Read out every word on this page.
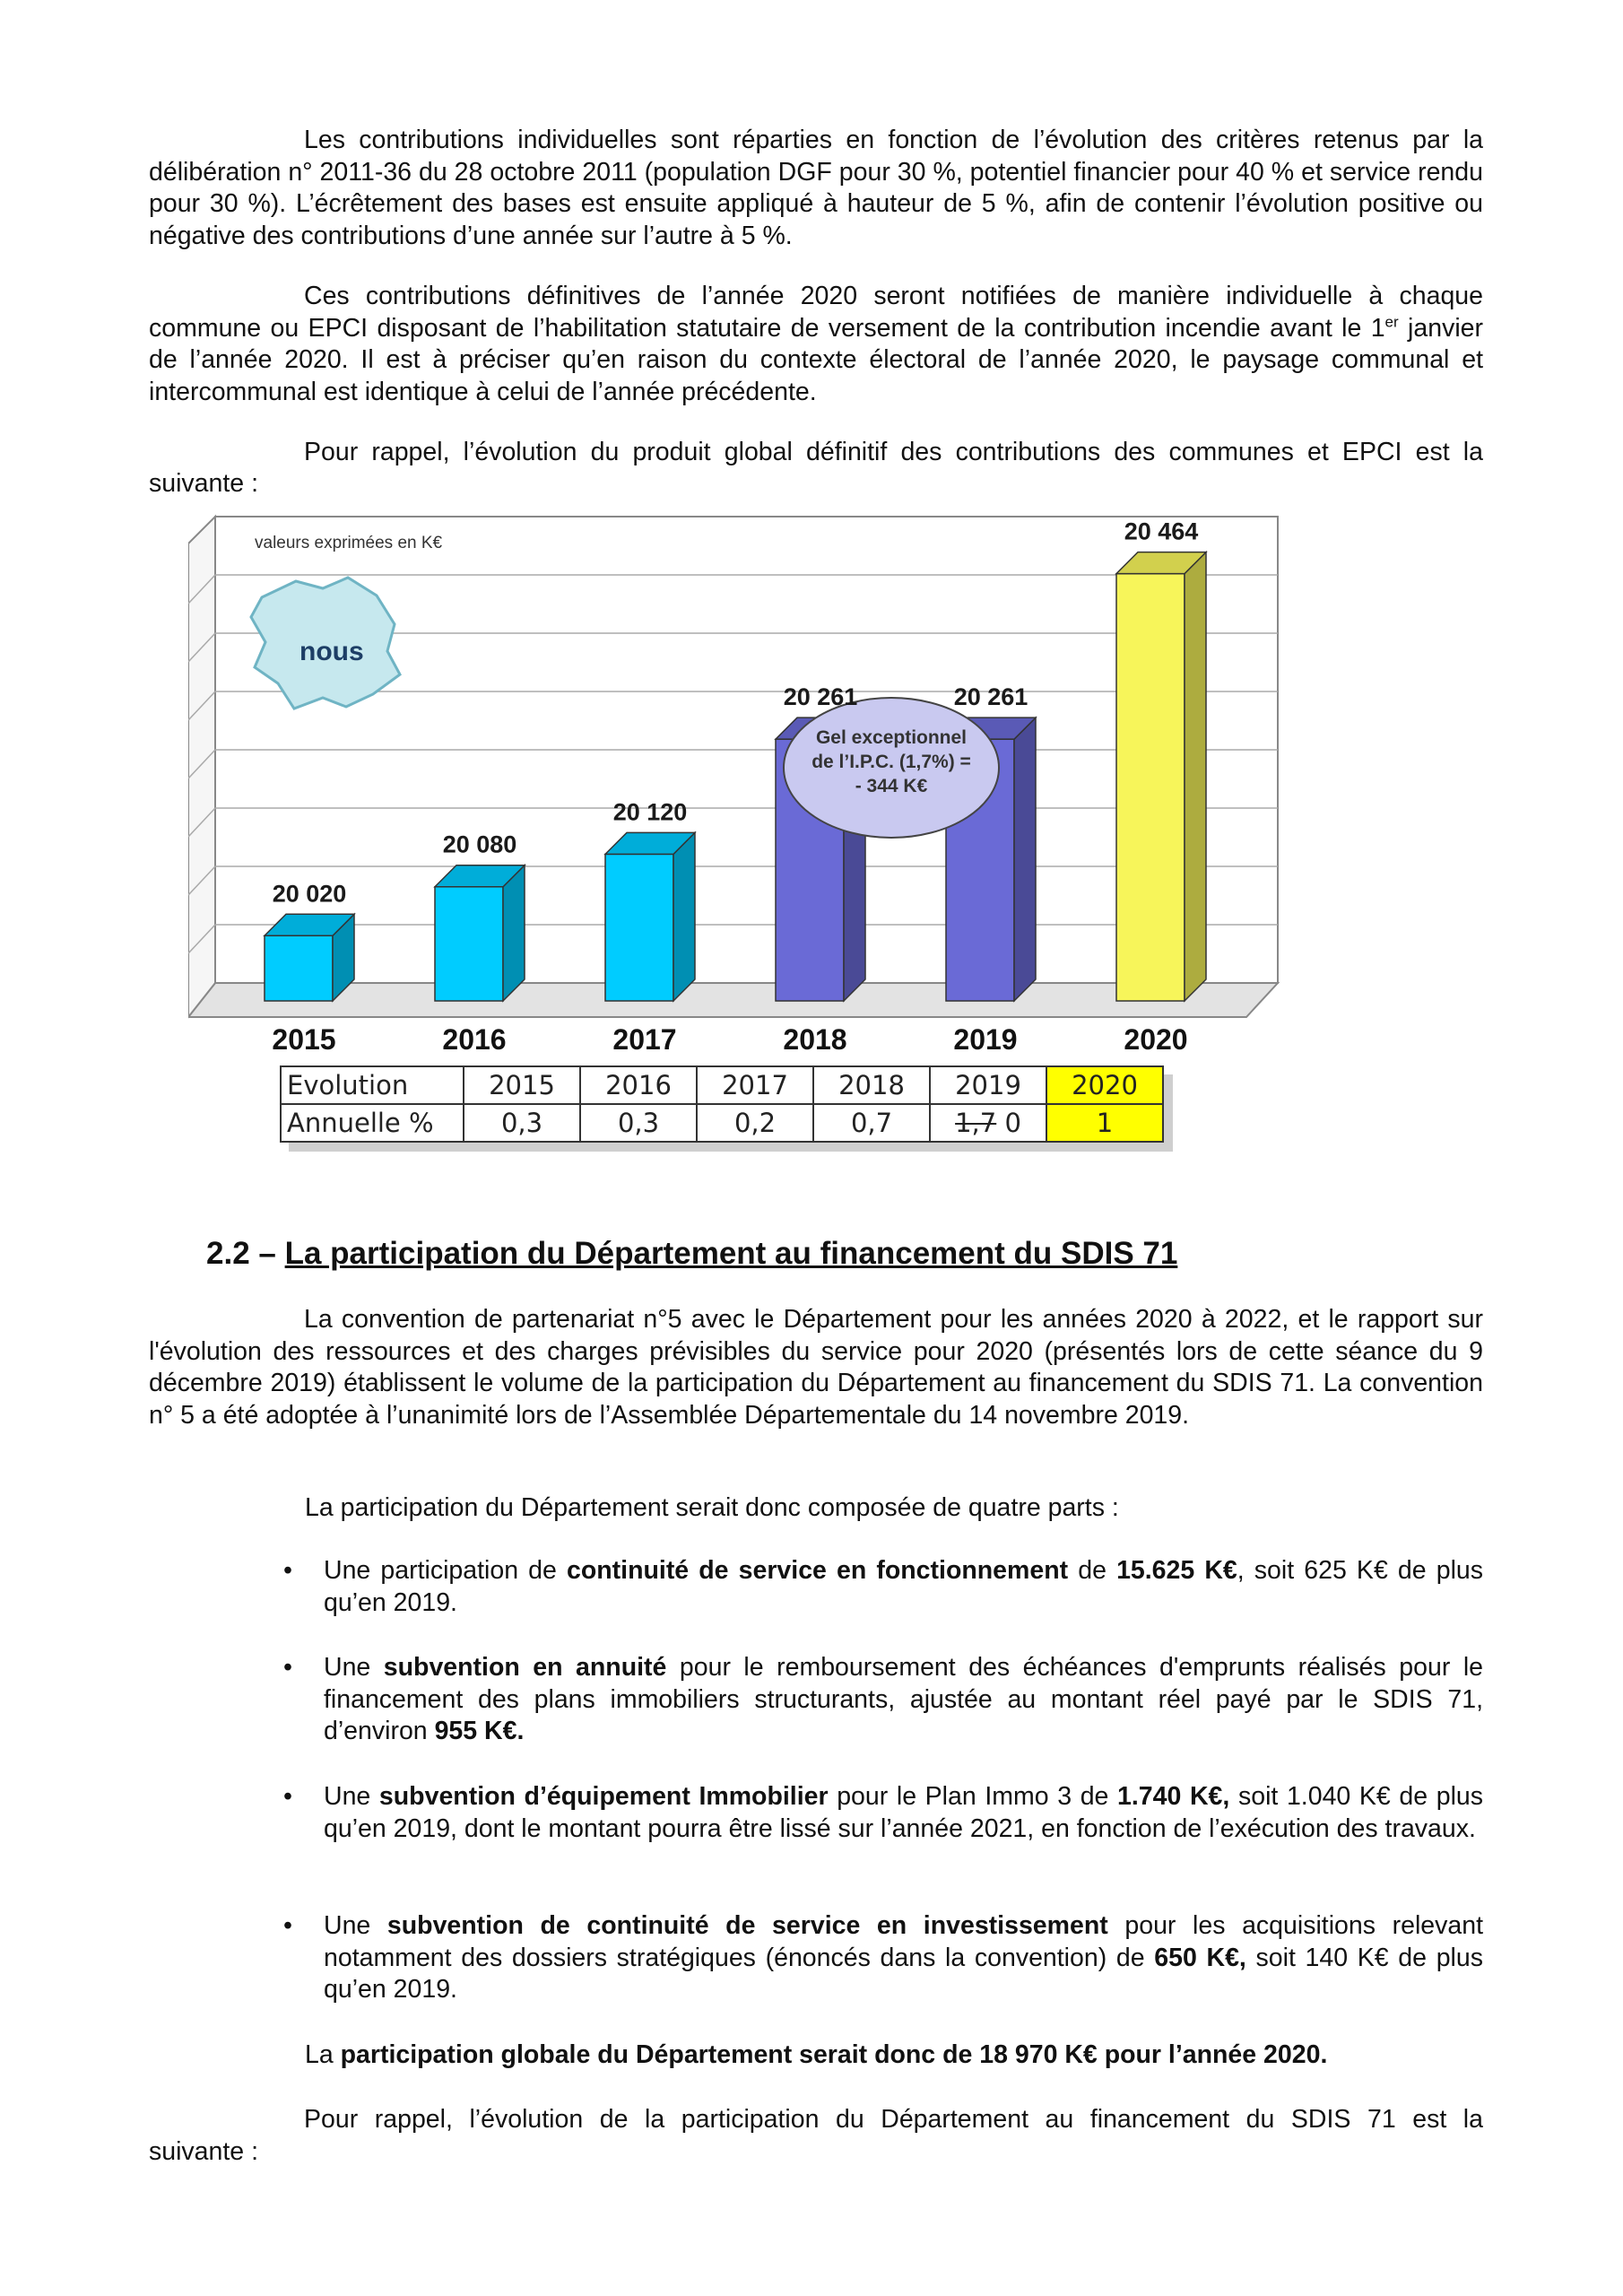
Les contributions individuelles sont réparties en fonction de l’évolution des critères retenus par la délibération n° 2011-36 du 28 octobre 2011 (population DGF pour 30 %, potentiel financier pour 40 % et service rendu pour 30 %). L’écrêtement des bases est ensuite appliqué à hauteur de 5 %, afin de contenir l’évolution positive ou négative des contributions d’une année sur l’autre à 5 %.

Ces contributions définitives de l’année 2020 seront notifiées de manière individuelle à chaque commune ou EPCI disposant de l’habilitation statutaire de versement de la contribution incendie avant le 1er janvier de l’année 2020. Il est à préciser qu’en raison du contexte électoral de l’année 2020, le paysage communal et intercommunal est identique à celui de l’année précédente.

Pour rappel, l’évolution du produit global définitif des contributions des communes et EPCI est la

suivante :

valeurs exprimées en K€
nous
Gel exceptionnel
de l’I.P.C. (1,7%) =
- 344 K€
20 020
2015
20 080
2016
20 120
2017
20 261
2018
20 261
2019
20 464
2020
Evolution	2015	2016	2017	2018	2019	2020
Annuelle %	0,3	0,3	0,2	0,7	1,7 0	1

2.2 – La participation du Département au financement du SDIS 71

La convention de partenariat n°5 avec le Département pour les années 2020 à 2022, et le rapport sur l'évolution des ressources et des charges prévisibles du service pour 2020 (présentés lors de cette séance du 9 décembre 2019) établissent le volume de la participation du Département au financement du SDIS 71. La convention n° 5 a été adoptée à l’unanimité lors de l’Assemblée Départementale du 14 novembre 2019.

La participation du Département serait donc composée de quatre parts :

• Une participation de continuité de service en fonctionnement de 15.625 K€, soit 625 K€ de plus qu’en 2019.
• Une subvention en annuité pour le remboursement des échéances d'emprunts réalisés pour le financement des plans immobiliers structurants, ajustée au montant réel payé par le SDIS 71, d’environ 955 K€.
• Une subvention d’équipement Immobilier pour le Plan Immo 3 de 1.740 K€, soit 1.040 K€ de plus qu’en 2019, dont le montant pourra être lissé sur l’année 2021, en fonction de l’exécution des travaux.
• Une subvention de continuité de service en investissement pour les acquisitions relevant notamment des dossiers stratégiques (énoncés dans la convention) de 650 K€, soit 140 K€ de plus qu’en 2019.

La participation globale du Département serait donc de 18 970 K€ pour l’année 2020.

Pour rappel, l’évolution de la participation du Département au financement du SDIS 71 est la

suivante :
